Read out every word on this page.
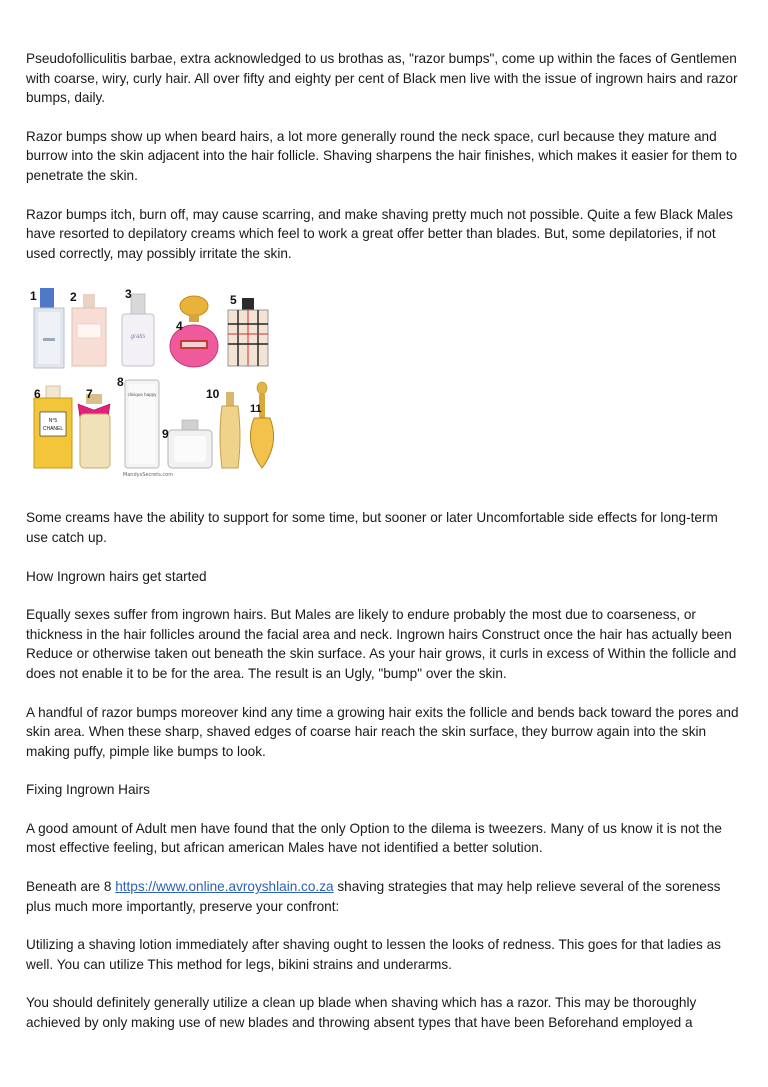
Pseudofolliculitis barbae, extra acknowledged to us brothas as, "razor bumps", come up within the faces of Gentlemen with coarse, wiry, curly hair. All over fifty and eighty per cent of Black men live with the issue of ingrown hairs and razor bumps, daily.

Razor bumps show up when beard hairs, a lot more generally round the neck space, curl because they mature and burrow into the skin adjacent into the hair follicle. Shaving sharpens the hair finishes, which makes it easier for them to penetrate the skin.

Razor bumps itch, burn off, may cause scarring, and make shaving pretty much not possible. Quite a few Black Males have resorted to depilatory creams which feel to work a great offer better than blades. But, some depilatories, if not used correctly, may possibly irritate the skin.

1	2
gratis
3
4
5
N°5
CHANEL
6	7	clinique happy
8
9
10
11
MandysSecrets.com

Some creams have the ability to support for some time, but sooner or later Uncomfortable side effects for long-term use catch up.

How Ingrown hairs get started

Equally sexes suffer from ingrown hairs. But Males are likely to endure probably the most due to coarseness, or thickness in the hair follicles around the facial area and neck. Ingrown hairs Construct once the hair has actually been Reduce or otherwise taken out beneath the skin surface. As your hair grows, it curls in excess of Within the follicle and does not enable it to be for the area. The result is an Ugly, "bump" over the skin.

A handful of razor bumps moreover kind any time a growing hair exits the follicle and bends back toward the pores and skin area. When these sharp, shaved edges of coarse hair reach the skin surface, they burrow again into the skin making puffy, pimple like bumps to look.

Fixing Ingrown Hairs

A good amount of Adult men have found that the only Option to the dilema is tweezers. Many of us know it is not the most effective feeling, but african american Males have not identified a better solution.

Beneath are 8 https://www.online.avroyshlain.co.za shaving strategies that may help relieve several of the soreness plus much more importantly, preserve your confront:

Utilizing a shaving lotion immediately after shaving ought to lessen the looks of redness. This goes for that ladies as well. You can utilize This method for legs, bikini strains and underarms.

You should definitely generally utilize a clean up blade when shaving which has a razor. This may be thoroughly achieved by only making use of new blades and throwing absent types that have been Beforehand employed a
